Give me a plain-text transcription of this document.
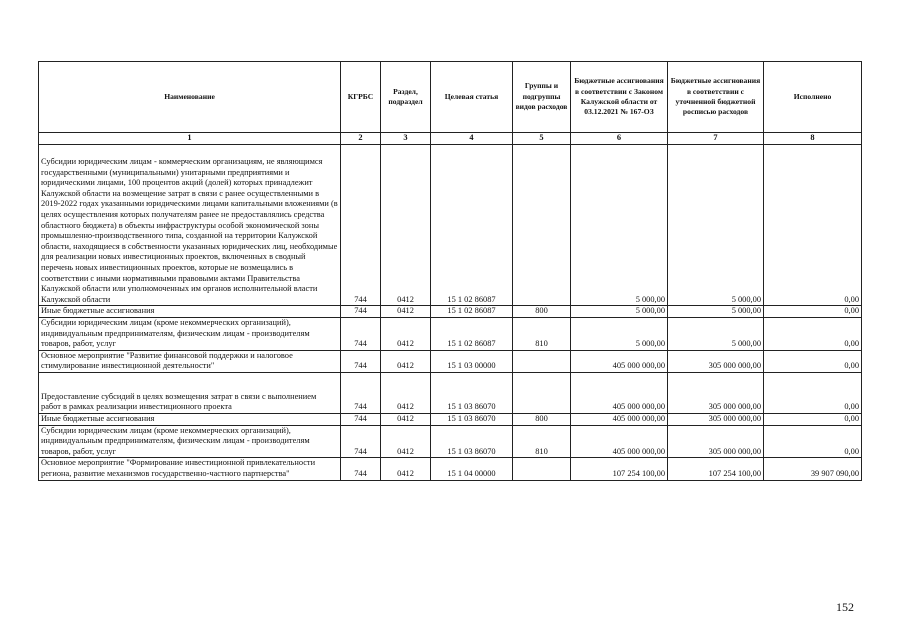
Наименование	КГРБС	Раздел, подраздел	Целевая статья	Группы и подгруппы видов расходов	Бюджетные ассигнования в соответствии с Законом Калужской области от 03.12.2021 № 167-ОЗ	Бюджетные ассигнования в соответствии с уточненной бюджетной росписью расходов	Исполнено
1	2	3	4	5	6	7	8
Субсидии юридическим лицам - коммерческим организациям, не являющимся государственными (муниципальными) унитарными предприятиями и юридическими лицами, 100 процентов акций (долей) которых принадлежит Калужской области на возмещение затрат в связи с ранее осуществленными в 2019-2022 годах указанными юридическими лицами капитальными вложениями (в целях осуществления которых получателям ранее не предоставлялись средства областного бюджета) в объекты инфраструктуры особой экономической зоны промышленно-производственного типа, созданной на территории Калужской области, находящиеся в собственности указанных юридических лиц, необходимые для реализации новых инвестиционных проектов, включенных в сводный перечень новых инвестиционных проектов, которые не возмещались в соответствии с иными нормативными правовыми актами Правительства Калужской области или уполномоченных им органов исполнительной власти Калужской области	744	0412	15 1 02 86087		5 000,00	5 000,00	0,00
Иные бюджетные ассигнования	744	0412	15 1 02 86087	800	5 000,00	5 000,00	0,00
Субсидии юридическим лицам (кроме некоммерческих организаций), индивидуальным предпринимателям, физическим лицам - производителям товаров, работ, услуг	744	0412	15 1 02 86087	810	5 000,00	5 000,00	0,00
Основное мероприятие "Развитие финансовой поддержки и налоговое стимулирование инвестиционной деятельности"	744	0412	15 1 03 00000		405 000 000,00	305 000 000,00	0,00
Предоставление субсидий в целях возмещения затрат в связи с выполнением работ в рамках реализации инвестиционного проекта	744	0412	15 1 03 86070		405 000 000,00	305 000 000,00	0,00
Иные бюджетные ассигнования	744	0412	15 1 03 86070	800	405 000 000,00	305 000 000,00	0,00
Субсидии юридическим лицам (кроме некоммерческих организаций), индивидуальным предпринимателям, физическим лицам - производителям товаров, работ, услуг	744	0412	15 1 03 86070	810	405 000 000,00	305 000 000,00	0,00
Основное мероприятие "Формирование инвестиционной привлекательности региона, развитие механизмов государственно-частного партнерства"	744	0412	15 1 04 00000		107 254 100,00	107 254 100,00	39 907 090,00
152
